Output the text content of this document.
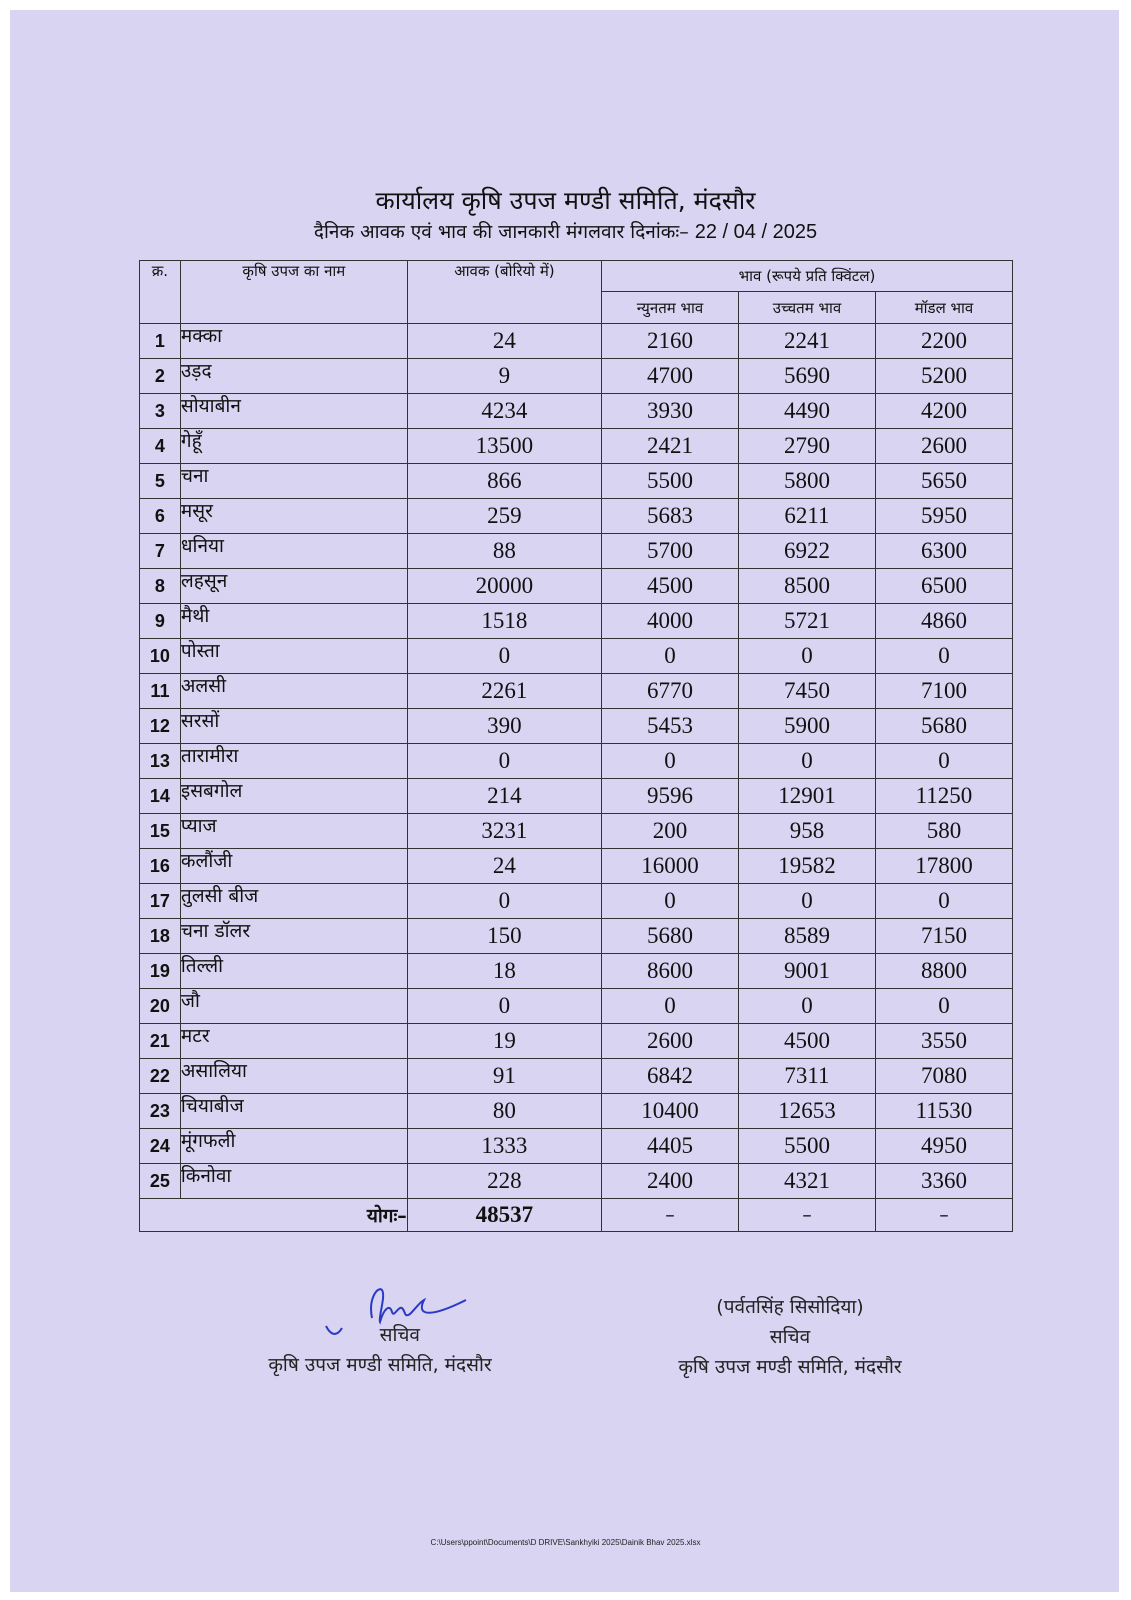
कार्यालय कृषि उपज मण्डी समिति, मंदसौर
दैनिक आवक एवं भाव की जानकारी मंगलवार दिनांकः– 22 / 04 / 2025
क्र.	कृषि उपज का नाम	आवक (बोरियो में)	भाव (रूपये प्रति क्विंटल)		
			न्युनतम भाव	उच्चतम भाव	मॉडल भाव
1	मक्का	24	2160	2241	2200
2	उड़द	9	4700	5690	5200
3	सोयाबीन	4234	3930	4490	4200
4	गेहूँ	13500	2421	2790	2600
5	चना	866	5500	5800	5650
6	मसूर	259	5683	6211	5950
7	धनिया	88	5700	6922	6300
8	लहसून	20000	4500	8500	6500
9	मैथी	1518	4000	5721	4860
10	पोस्ता	0	0	0	0
11	अलसी	2261	6770	7450	7100
12	सरसों	390	5453	5900	5680
13	तारामीरा	0	0	0	0
14	इसबगोल	214	9596	12901	11250
15	प्याज	3231	200	958	580
16	कलौंजी	24	16000	19582	17800
17	तुलसी बीज	0	0	0	0
18	चना डॉलर	150	5680	8589	7150
19	तिल्ली	18	8600	9001	8800
20	जौ	0	0	0	0
21	मटर	19	2600	4500	3550
22	असालिया	91	6842	7311	7080
23	चियाबीज	80	10400	12653	11530
24	मूंगफली	1333	4405	5500	4950
25	किनोवा	228	2400	4321	3360
योगः–		48537	–	–	–
सचिव
कृषि उपज मण्डी समिति, मंदसौर
(पर्वतसिंह सिसोदिया)
सचिव
कृषि उपज मण्डी समिति, मंदसौर
C:\Users\ppoint\Documents\D DRIVE\Sankhyiki 2025\Dainik Bhav 2025.xlsx
